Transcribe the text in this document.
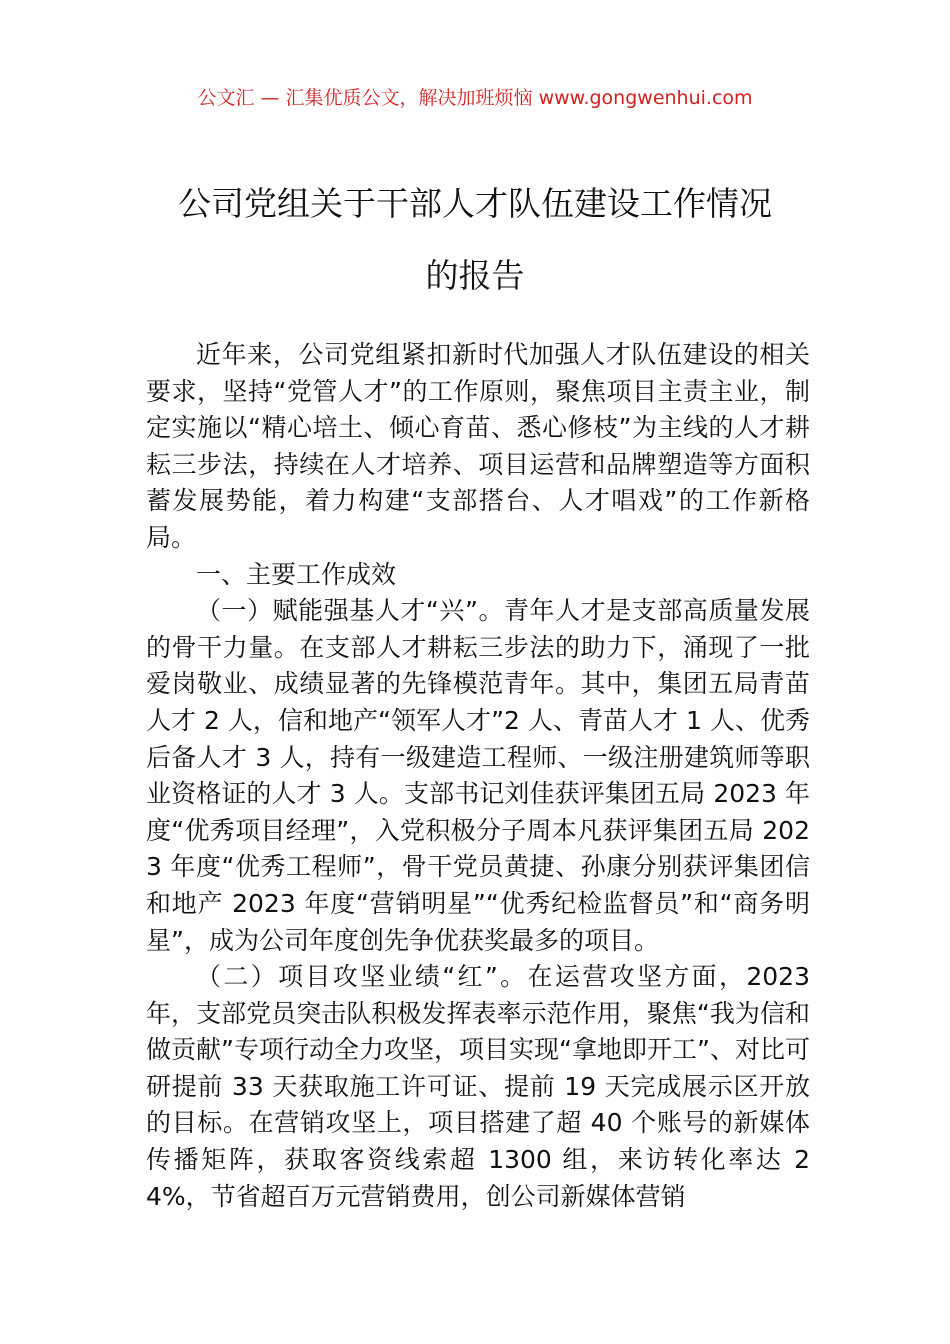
公文汇 — 汇集优质公文，解决加班烦恼 www.gongwenhui.com
公司党组关于干部人才队伍建设工作情况
的报告

近年来，公司党组紧扣新时代加强人才队伍建设的相关要求，坚持“党管人才”的工作原则，聚焦项目主责主业，制定实施以“精心培土、倾心育苗、悉心修枝”为主线的人才耕耘三步法，持续在人才培养、项目运营和品牌塑造等方面积蓄发展势能，着力构建“支部搭台、人才唱戏”的工作新格局。

一、主要工作成效

（一）赋能强基人才“兴”。青年人才是支部高质量发展的骨干力量。在支部人才耕耘三步法的助力下，涌现了一批爱岗敬业、成绩显著的先锋模范青年。其中，集团五局青苗人才 2 人，信和地产“领军人才”2 人、青苗人才 1 人、优秀后备人才 3 人，持有一级建造工程师、一级注册建筑师等职业资格证的人才 3 人。支部书记刘佳获评集团五局 2023 年度“优秀项目经理”，入党积极分子周本凡获评集团五局 2023 年度“优秀工程师”，骨干党员黄捷、孙康分别获评集团信和地产 2023 年度“营销明星”“优秀纪检监督员”和“商务明星”，成为公司年度创先争优获奖最多的项目。

（二）项目攻坚业绩“红”。在运营攻坚方面，2023 年，支部党员突击队积极发挥表率示范作用，聚焦“我为信和做贡献”专项行动全力攻坚，项目实现“拿地即开工”、对比可研提前 33 天获取施工许可证、提前 19 天完成展示区开放的目标。在营销攻坚上，项目搭建了超 40 个账号的新媒体传播矩阵，获取客资线索超 1300 组，来访转化率达 24%，节省超百万元营销费用，创公司新媒体营销
